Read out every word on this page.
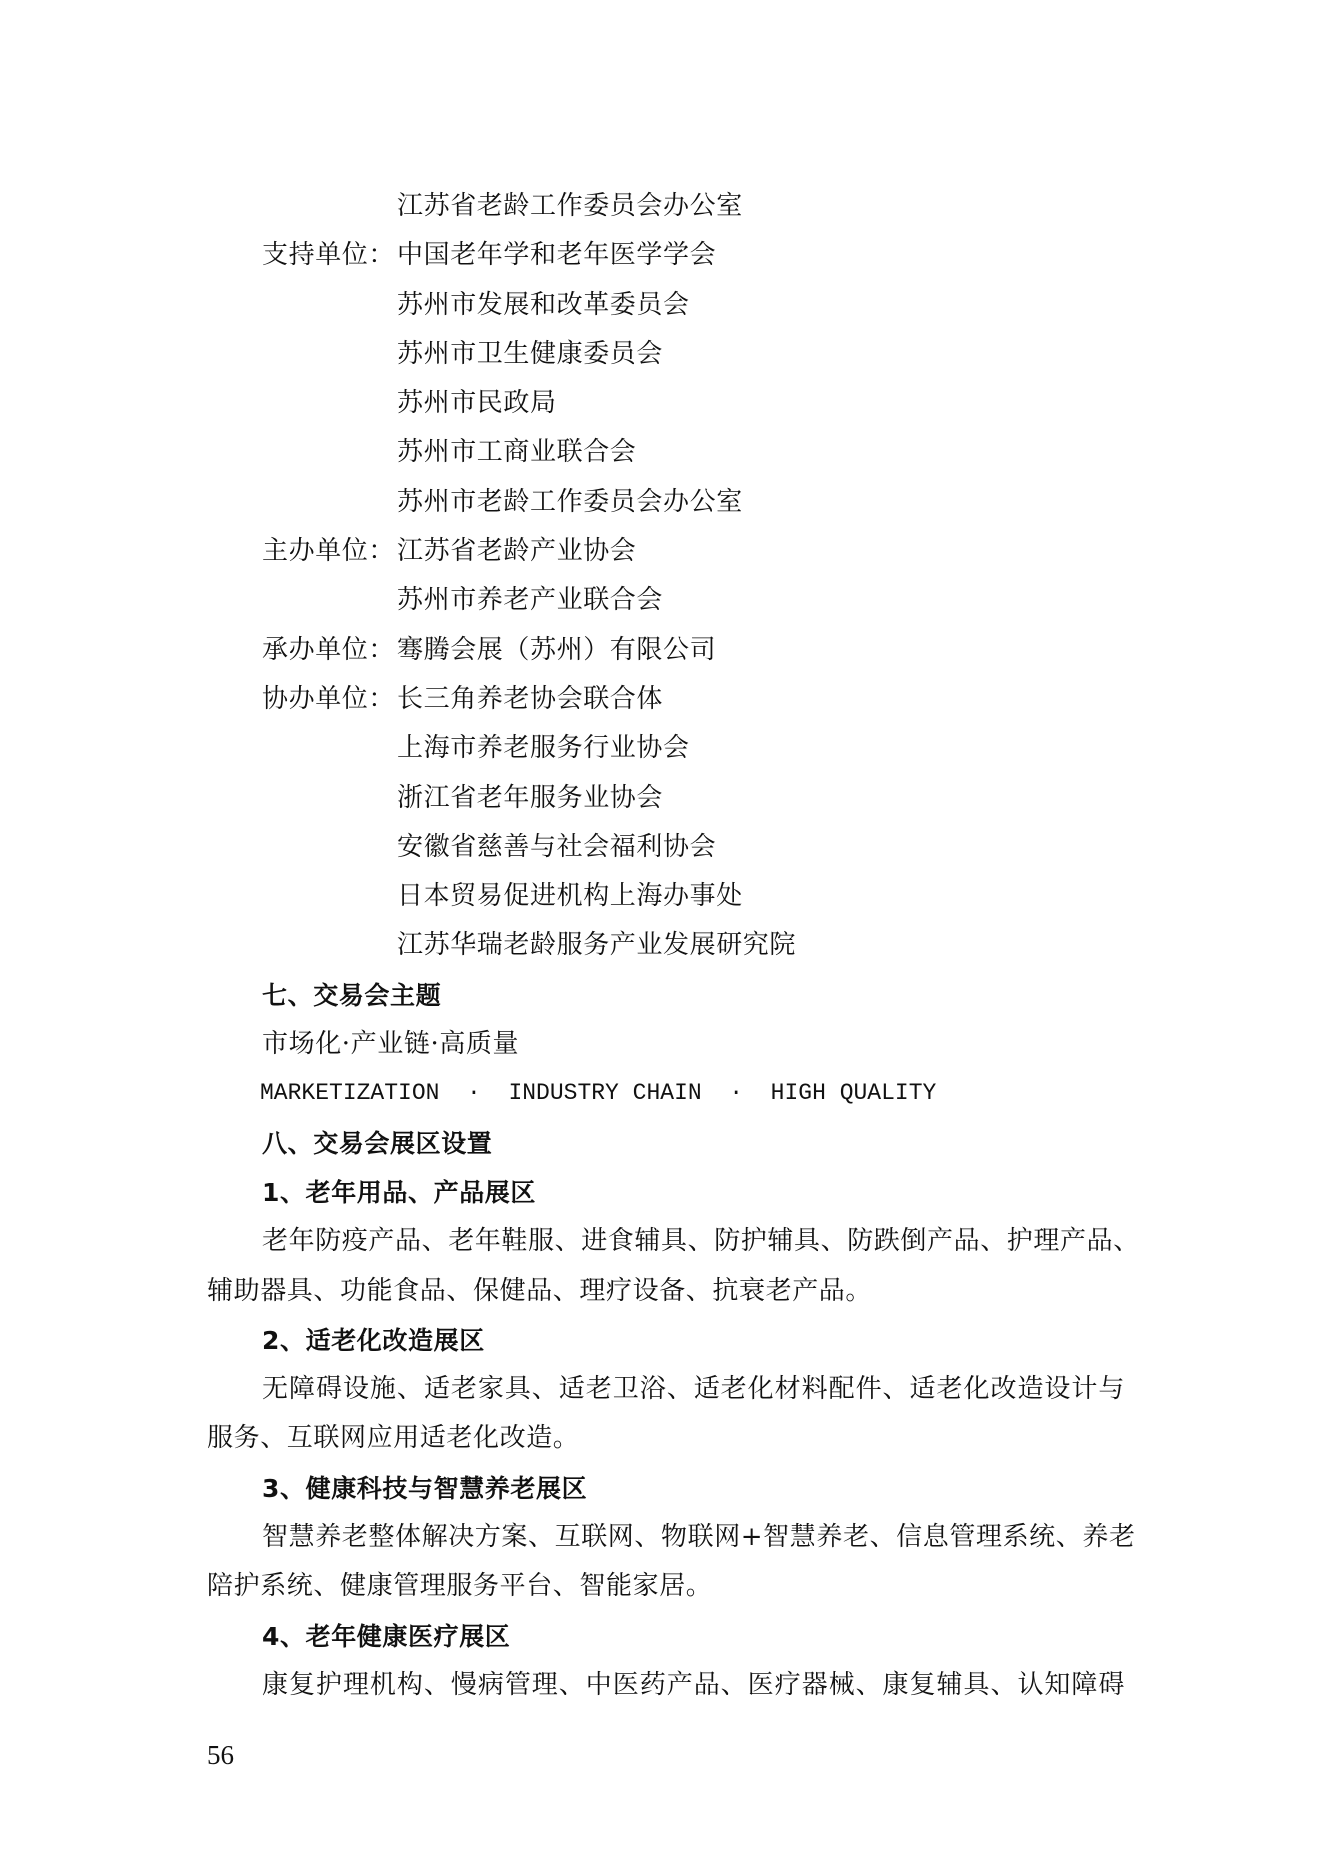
江苏省老龄工作委员会办公室
支持单位： 中国老年学和老年医学学会
苏州市发展和改革委员会
苏州市卫生健康委员会
苏州市民政局
苏州市工商业联合会
苏州市老龄工作委员会办公室
主办单位： 江苏省老龄产业协会
苏州市养老产业联合会
承办单位： 骞腾会展（苏州）有限公司
协办单位： 长三角养老协会联合体
上海市养老服务行业协会
浙江省老年服务业协会
安徽省慈善与社会福利协会
日本贸易促进机构上海办事处
江苏华瑞老龄服务产业发展研究院
七、交易会主题
市场化·产业链·高质量
MARKETIZATION  ·  INDUSTRY CHAIN  ·  HIGH QUALITY
八、交易会展区设置
1、老年用品、产品展区
老年防疫产品、老年鞋服、进食辅具、防护辅具、防跌倒产品、护理产品、
辅助器具、功能食品、保健品、理疗设备、抗衰老产品。
2、适老化改造展区
无障碍设施、适老家具、适老卫浴、适老化材料配件、适老化改造设计与
服务、互联网应用适老化改造。
3、健康科技与智慧养老展区
智慧养老整体解决方案、互联网、物联网+智慧养老、信息管理系统、养老
陪护系统、健康管理服务平台、智能家居。
4、老年健康医疗展区
康复护理机构、慢病管理、中医药产品、医疗器械、康复辅具、认知障碍
56
